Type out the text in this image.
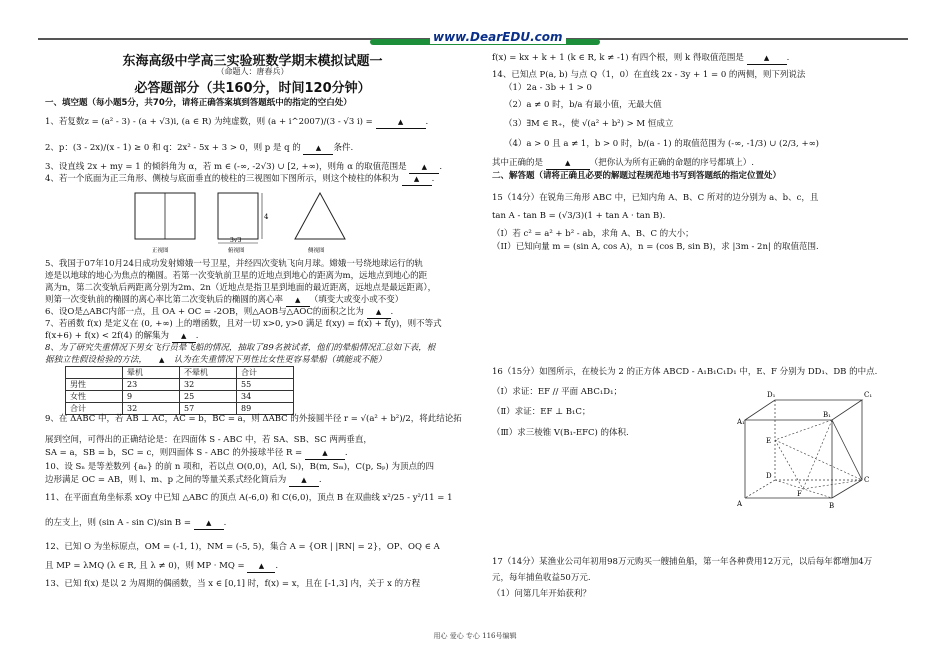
www.DearEDU.com
东海高级中学高三实验班数学期末模拟试题一
（命题人：唐春兵）
必答题部分（共160分，时间120分钟）
一、填空题（每小题5分，共70分，请将正确答案填到答题纸中的指定的空白处）
1、若复数z = (a² - 3) - (a + √3)i, (a ∈ R) 为纯虚数，则 (a + i^2007)/(3 - √3 i) =	▲	.
2、p：(3 - 2x)/(x - 1) ≥ 0 和 q：2x² - 5x + 3 > 0，则 p 是 q 的 ▲ 条件.
3、设直线 2x + my = 1 的倾斜角为 α，若 m ∈ (-∞, -2√3) ∪ [2, +∞)，则角 α 的取值范围是 ▲ .
4、若一个底面为正三角形、侧棱与底面垂直的棱柱的三视图如下图所示，则这个棱柱的体积为 ▲ .
4
3√3
正视图	俯视图	侧视图
5、我国于07年10月24日成功发射嫦娥一号卫星，并经四次变轨飞向月球。嫦娥一号绕地球运行的轨
迹是以地球的地心为焦点的椭圆。若第一次变轨前卫星的近地点到地心的距离为m，远地点到地心的距
离为n，第二次变轨后两距离分别为2m、2n（近地点是指卫星到地面的最近距离，远地点是最远距离），
则第一次变轨前的椭圆的离心率比第二次变轨后的椭圆的离心率 ▲ （填变大或变小或不变）
6、设O是△ABC内部一点，且 OA + OC = -2OB，则△AOB与△AOC的面积之比为 ▲ .
7、若函数 f(x) 是定义在 (0, +∞) 上的增函数，且对一切 x>0, y>0 满足 f(xy) = f(x) + f(y)，则不等式
f(x+6) + f(x) < 2f(4) 的解集为 ▲ .
8、为了研究失重情况下男女飞行员晕飞船的情况，抽取了89名被试者，他们的晕船情况汇总如下表，根
据独立性假设检验的方法， ▲ 认为在失重情况下男性比女性更容易晕船（填能或不能）
	晕机	不晕机	合计
男性	23	32	55
女性	9	25	34
合计	32	57	89
9、在 ΔABC 中，若 AB ⊥ AC，AC = b，BC = a，则 ΔABC 的外接圆半径 r = √(a² + b²)/2，将此结论拓
展到空间，可得出的正确结论是：在四面体 S - ABC 中，若 SA、SB、SC 两两垂直，
SA = a，SB = b，SC = c，则四面体 S - ABC 的外接球半径 R =	▲ .
10、设 Sₙ 是等差数列 {aₙ} 的前 n 项和，若以点 O(0,0)，A(l, Sₗ)，B(m, Sₘ)，C(p, Sₚ) 为顶点的四
边形满足 OC = AB，则 l、m、p 之间的等量关系式经化简后为 ▲ .
11、在平面直角坐标系 xOy 中已知 △ABC 的顶点 A(-6,0) 和 C(6,0)，顶点 B 在双曲线 x²/25 - y²/11 = 1
的左支上，则 (sin A - sin C)/sin B = ▲ .
12、已知 O 为坐标原点，OM = (-1, 1)，NM = (-5, 5)，集合 A = {OR | |RN| = 2}，OP、OQ ∈ A
且 MP = λMQ (λ ∈ R, 且 λ ≠ 0)，则 MP · MQ = ▲ .
13、已知 f(x) 是以 2 为周期的偶函数，当 x ∈ [0,1] 时，f(x) = x，且在 [-1,3] 内，关于 x 的方程
f(x) = kx + k + 1 (k ∈ R, k ≠ -1) 有四个根，则 k 得取值范围是	▲ .
14、已知点 P(a, b) 与点 Q（1，0）在直线 2x - 3y + 1 = 0 的两侧，则下列说法
（1）2a - 3b + 1 > 0
（2）a ≠ 0 时，b/a 有最小值，无最大值
（3）∃M ∈ R₊，使 √(a² + b²) > M 恒成立
（4）a > 0 且 a ≠ 1，b > 0 时，b/(a - 1) 的取值范围为 (-∞, -1/3) ∪ (2/3, +∞)
其中正确的是	▲ （把你认为所有正确的命题的序号都填上）.
二、解答题（请将正确且必要的解题过程规范地书写到答题纸的指定位置处）
15（14分）在锐角三角形 ABC 中，已知内角 A、B、C 所对的边分别为 a、b、c，且
tan A - tan B = (√3/3)(1 + tan A · tan B).
（I）若 c² = a² + b² - ab，求角 A、B、C 的大小；
（II）已知向量 m = (sin A, cos A)，n = (cos B, sin B)，求 |3m - 2n| 的取值范围.
16（15分）如图所示，在棱长为 2 的正方体 ABCD - A₁B₁C₁D₁ 中，E、F 分别为 DD₁、DB 的中点.
（Ⅰ）求证：EF // 平面 ABC₁D₁；
（Ⅱ）求证：EF ⊥ B₁C；
（Ⅲ）求三棱锥 V(B₁-EFC) 的体积.
D₁	C₁
B₁
A₁
E
D
F
C
A	B
17（14分）某渔业公司年初用98万元购买一艘捕鱼船，第一年各种费用12万元，以后每年都增加4万
元，每年捕鱼收益50万元.
（1）问第几年开始获利？
用心 爱心 专心 116号编辑
